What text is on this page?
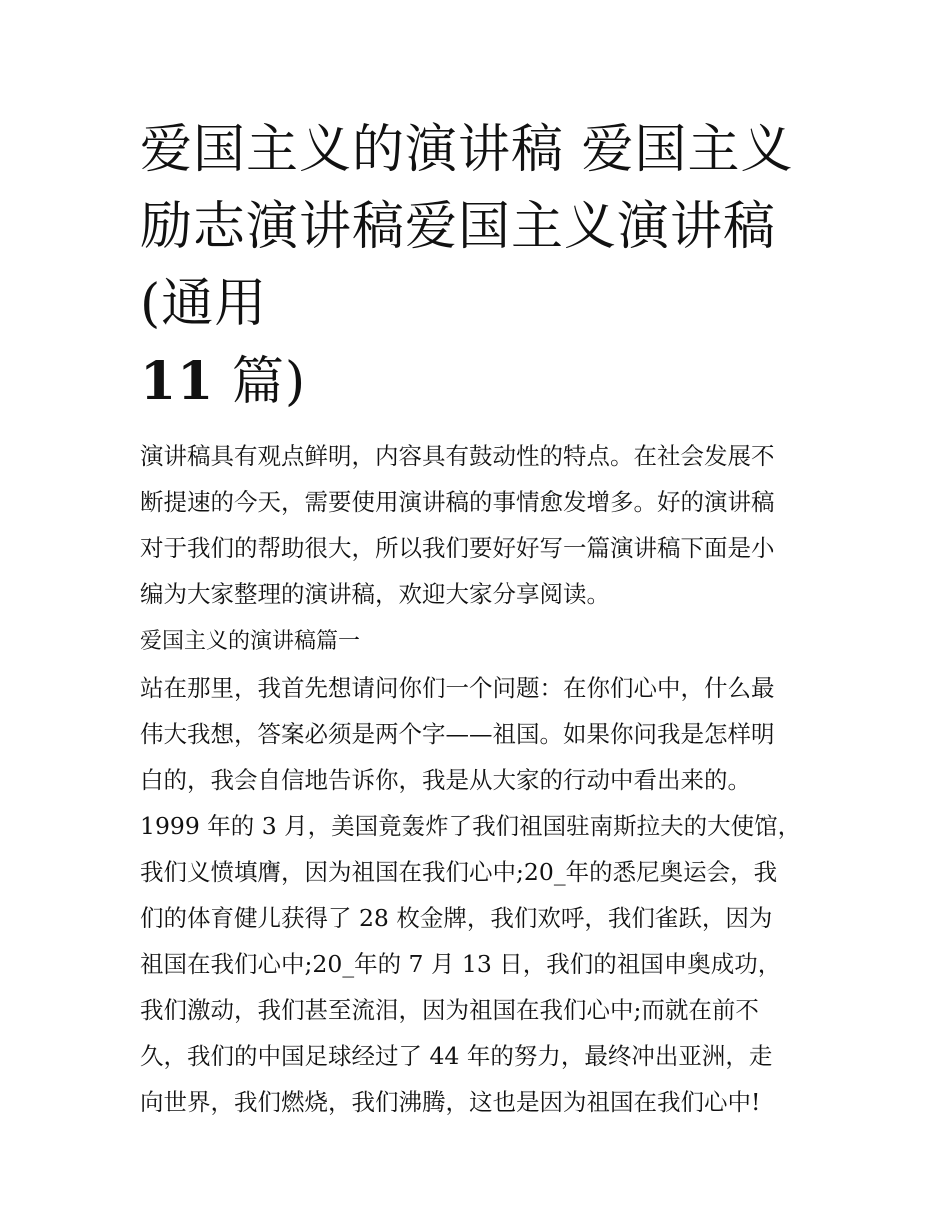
爱国主义的演讲稿 爱国主义励志演讲稿爱国主义演讲稿(通用
11 篇)

演讲稿具有观点鲜明，内容具有鼓动性的特点。在社会发展不
断提速的今天，需要使用演讲稿的事情愈发增多。好的演讲稿
对于我们的帮助很大，所以我们要好好写一篇演讲稿下面是小
编为大家整理的演讲稿，欢迎大家分享阅读。

爱国主义的演讲稿篇一

站在那里，我首先想请问你们一个问题：在你们心中，什么最
伟大我想，答案必须是两个字——祖国。如果你问我是怎样明
白的，我会自信地告诉你，我是从大家的行动中看出来的。
1999 年的 3 月，美国竟轰炸了我们祖国驻南斯拉夫的大使馆，
我们义愤填膺，因为祖国在我们心中;20_年的悉尼奥运会，我
们的体育健儿获得了 28 枚金牌，我们欢呼，我们雀跃，因为
祖国在我们心中;20_年的 7 月 13 日，我们的祖国申奥成功，
我们激动，我们甚至流泪，因为祖国在我们心中;而就在前不
久，我们的中国足球经过了 44 年的努力，最终冲出亚洲，走
向世界，我们燃烧，我们沸腾，这也是因为祖国在我们心中!
